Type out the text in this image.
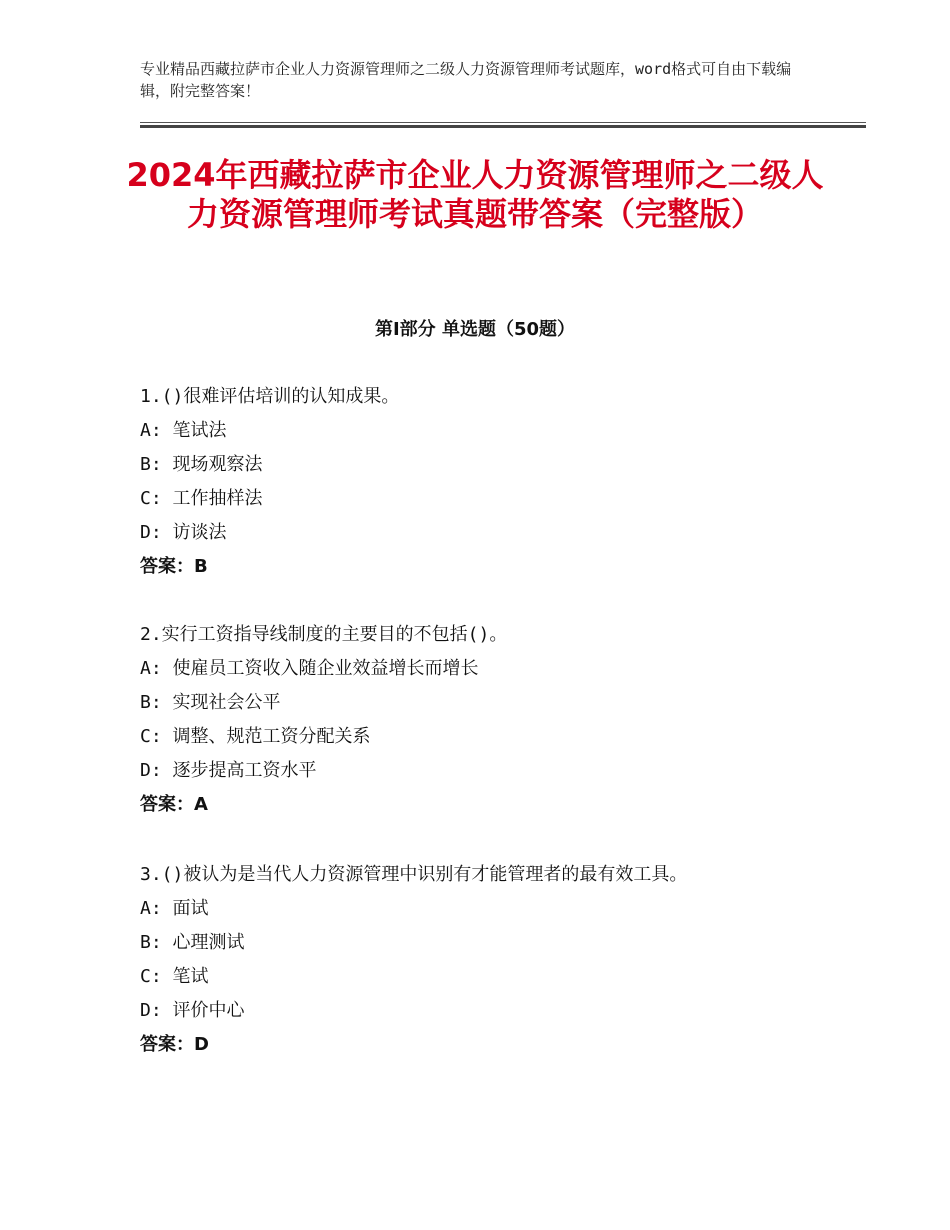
专业精品西藏拉萨市企业人力资源管理师之二级人力资源管理师考试题库，word格式可自由下载编辑，附完整答案！
2024年西藏拉萨市企业人力资源管理师之二级人力资源管理师考试真题带答案（完整版）
第Ⅰ部分 单选题（50题）
1.()很难评估培训的认知成果。
A: 笔试法
B: 现场观察法
C: 工作抽样法
D: 访谈法
答案：B
2.实行工资指导线制度的主要目的不包括()。
A: 使雇员工资收入随企业效益增长而增长
B: 实现社会公平
C: 调整、规范工资分配关系
D: 逐步提高工资水平
答案：A
3.()被认为是当代人力资源管理中识别有才能管理者的最有效工具。
A: 面试
B: 心理测试
C: 笔试
D: 评价中心
答案：D
